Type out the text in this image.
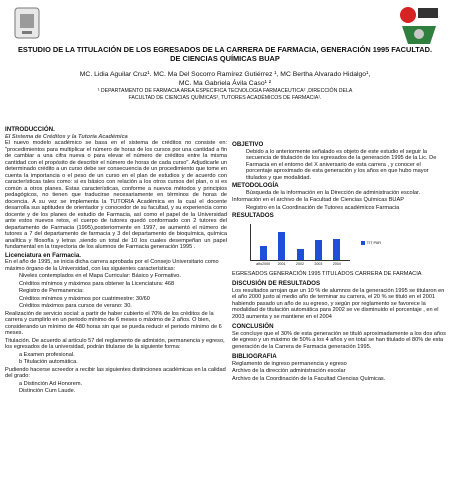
ESTUDIO DE LA TITULACIÓN DE LOS EGRESADOS DE LA CARRERA DE FARMACIA, GENERACIÓN 1995 FACULTAD.
DE CIENCIAS QUÍMICAS BUAP
MC. Lidia Aguilar Cruz¹. MC. Ma Del Socorro Ramírez Gutiérrez ¹, MC Bertha Alvarado Hidalgo¹,
MC. Ma Gabriela Ávila Caso¹ ²
¹ DEPARTAMENTO DE FARMACIA AREA ESPECIFICA TECNOLOGIA FARMACEUTICA² ,DIRECCIÓN DELA
FACULTAD DE CIENCIAS QUÍMICAS², TUTORES ACADÉMICOS DE FARMACIA¹.
INTRODUCCIÓN.
El Sistema de Créditos y la Tutoría Académica
El nuevo modelo académico se basa en el sistema de créditos no consiste en: "procedimientos para multiplicar el número de horas de los cursos por una cantidad a fin de cambiar a una cifra nueva o para elevar el número de créditos entre la misma cantidad con el propósito de describir el número de horas de cada curso". Adjudicarle un determinado crédito a un curso debe ser consecuencia de un procedimiento que tome en cuenta la importancia o el peso de un curso en el plan de estudios y de acuerdo con características tales como: si es básico con relación a los otros cursos del plan, o si es común a otros planes. Estas características, conforme a nuevos métodos y principios pedagógicos, no tienen que traducirse necesariamente en términos de horas de docencia. A su vez se implementa la TUTORIA Académica en la cual el docente desarrolla sus aptitudes de orientador y conocedor de su facultad, y su experiencia como docente y de los planes de estudio de Farmacia, así como el papel de la Universidad ante estos nuevos retos, el cuerpo de tutores quedó conformado con 2 tutores del departamento de Farmacia (1995),posteriormente en 1997, se aumentó el número de tutores a 7 del departamento de farmacia y 3 del departamento de bioquímica, química analítica y filosofía y letras ,siendo un total de 10 los cuales desempeñan un papel fundamental en la trayectoria de los alumnos de Farmacia generación 1995 .
Licenciatura en Farmacia.
En el año de 1995, se inicia dicha carrera aprobada por el Consejo Universitario como máximo órgano de la Universidad, con las siguientes características:
Niveles contemplados en el Mapa Curricular: Básico y Formativo.
Créditos mínimos y máximos para obtener la Licenciatura: 468
Registro de Permanencia:
Créditos mínimos y máximos por cuatrimestre: 30/60
Créditos máximos para cursos de verano: 30.
Realización de servicio social: a partir de haber cubierto el 70% de los créditos de la carrera y cumplirlo en un periodo mínimo de 6 meses o máximo de 2 años. O bien, considerando un mínimo de 480 horas sin que se pueda reducir el periodo mínimo de 6 meses.
Titulación. De acuerdo al artículo 57 del reglamento de admisión, permanencia y egreso, los egresados de la universidad, podrán titularse de la siguiente forma:
a Examen profesional.
b Titulación automática.
Pudiendo hacerse acreedor a recibir las siguientes distinciones académicas en la calidad del grado:
a Distinción Ad Honorem.
Distinción Cum Laude.
OBJETIVO
Debido a lo anteriormente señalado es objeto de este estudio el seguir la secuencia de titulación de los egresados de la generación 1995 de la Lic. De Farmacia en el entorno del X aniversario de esta carrera , y conocer el porcentaje aproximado de esta generación y los años en que hubo mayor titulados y que modalidad.
METODOLOGÍA
Búsqueda de la información en la Dirección de administración escolar.
Información en el archivo de la Facultad de Ciencias Químicas BUAP
Registro en la Coordinación de Tutores académicos Farmacia
RESULTADOS
TIT PAR
año2000	2001	2002	2003	2004
EGRESADOS GENERACIÓN 1995 TITULADOS CARRERA DE FARMACIA
DISCUSIÓN DE RESULTADOS
Los resultados arrojan que un 10 % de alumnos de la generación 1995 se titularon en el año 2000 justo al medio año de terminar su carrera, el 20 % se tituló en el 2001 habiendo pasado un año de su egreso, y según por reglamento se favorece la modalidad de titulación automática para 2002 se ve disminuido el porcentaje , en el 2003 aumenta y se mantiene en el 2004
CONCLUSIÓN
Se concluye que el 30% de esta generación se tituló aproximadamente a los dos años de egreso y un máximo de 50% a los 4 años y en total se han titulado el 80% de esta generación de la Carrera de Farmacia generación 1995.
BIBLIOGRAFIA
Reglamento de ingreso permanencia y egreso
Archivo de la dirección administración escolar
Archivo de la Coordinación de la Facultad Ciencias Químicas.
